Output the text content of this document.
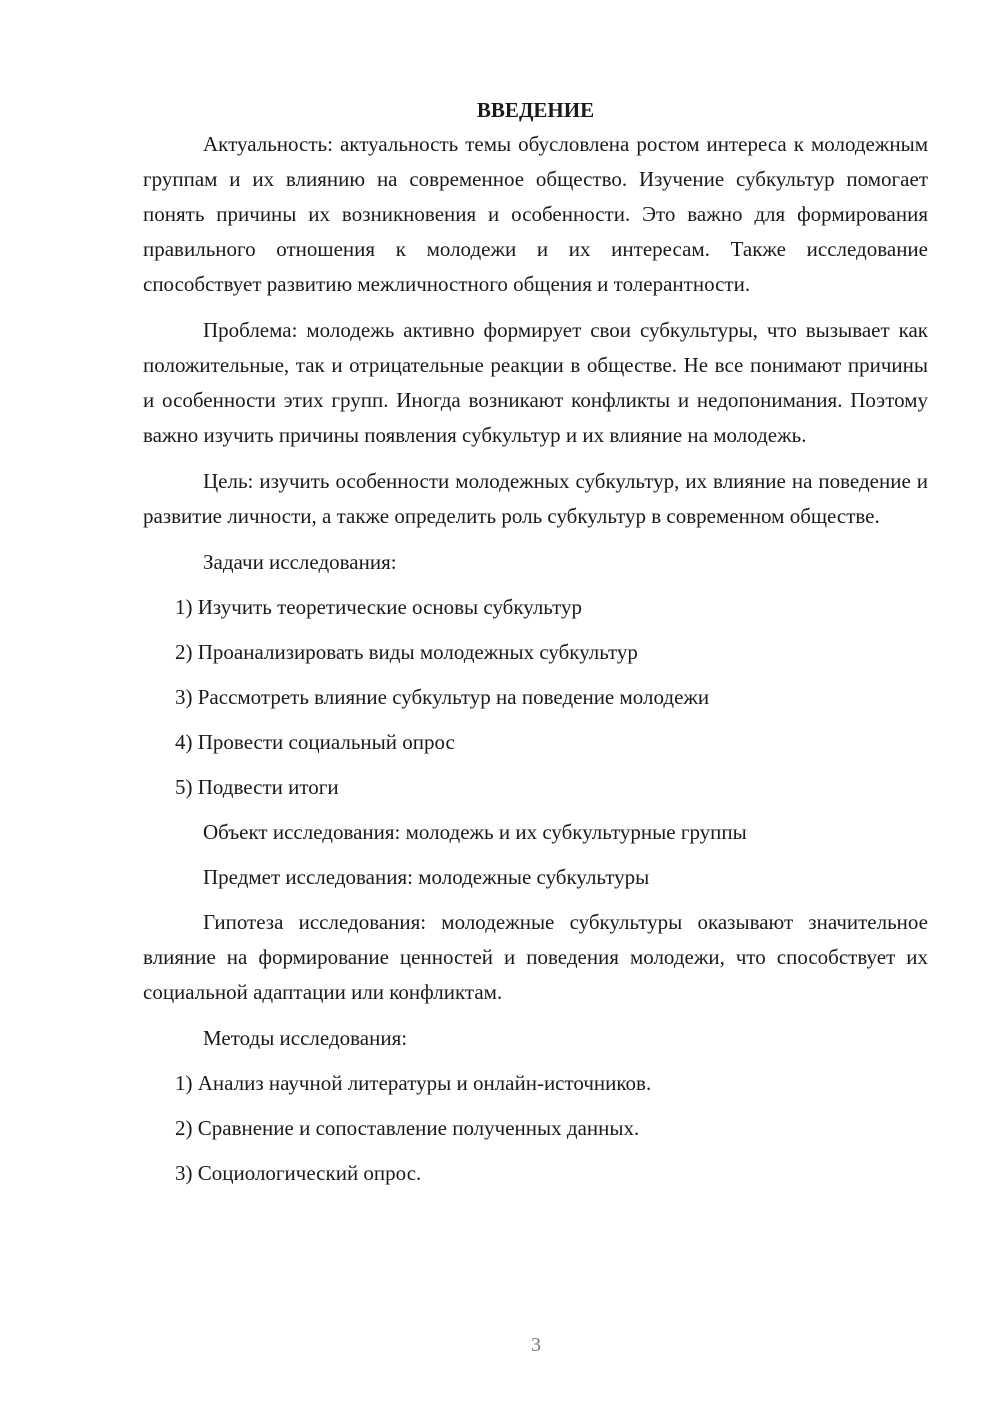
ВВЕДЕНИЕ

Актуальность: актуальность темы обусловлена ростом интереса к молодежным группам и их влиянию на современное общество. Изучение субкультур помогает понять причины их возникновения и особенности. Это важно для формирования правильного отношения к молодежи и их интересам. Также исследование способствует развитию межличностного общения и толерантности.

Проблема: молодежь активно формирует свои субкультуры, что вызывает как положительные, так и отрицательные реакции в обществе. Не все понимают причины и особенности этих групп. Иногда возникают конфликты и недопонимания. Поэтому важно изучить причины появления субкультур и их влияние на молодежь.

Цель: изучить особенности молодежных субкультур, их влияние на поведение и развитие личности, а также определить роль субкультур в современном обществе.

Задачи исследования:

1) Изучить теоретические основы субкультур

2) Проанализировать виды молодежных субкультур

3) Рассмотреть влияние субкультур на поведение молодежи

4) Провести социальный опрос

5) Подвести итоги

Объект исследования: молодежь и их субкультурные группы

Предмет исследования: молодежные субкультуры

Гипотеза исследования: молодежные субкультуры оказывают значительное влияние на формирование ценностей и поведения молодежи, что способствует их социальной адаптации или конфликтам.

Методы исследования:

1) Анализ научной литературы и онлайн-источников.

2) Сравнение и сопоставление полученных данных.

3) Социологический опрос.

3
